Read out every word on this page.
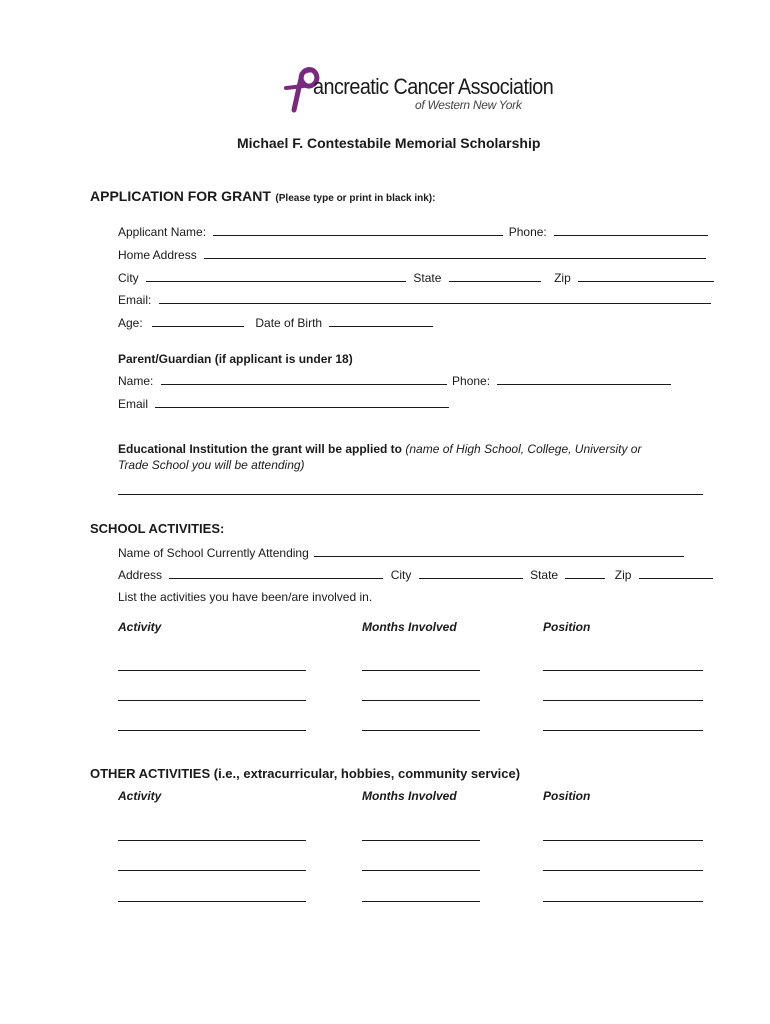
ancreatic Cancer Association
of Western New York
Michael F. Contestabile Memorial Scholarship
APPLICATION FOR GRANT (Please type or print in black ink):
Applicant Name:	Phone:
Home Address
City	State	Zip
Email:
Age:	Date of Birth
Parent/Guardian (if applicant is under 18)
Name:	Phone:
Email
Educational Institution the grant will be applied to (name of High School, College, University or
Trade School you will be attending)
SCHOOL ACTIVITIES:
Name of School Currently Attending
Address	City	State	Zip
List the activities you have been/are involved in.
Activity	Months Involved	Position
OTHER ACTIVITIES (i.e., extracurricular, hobbies, community service)
Activity	Months Involved	Position
